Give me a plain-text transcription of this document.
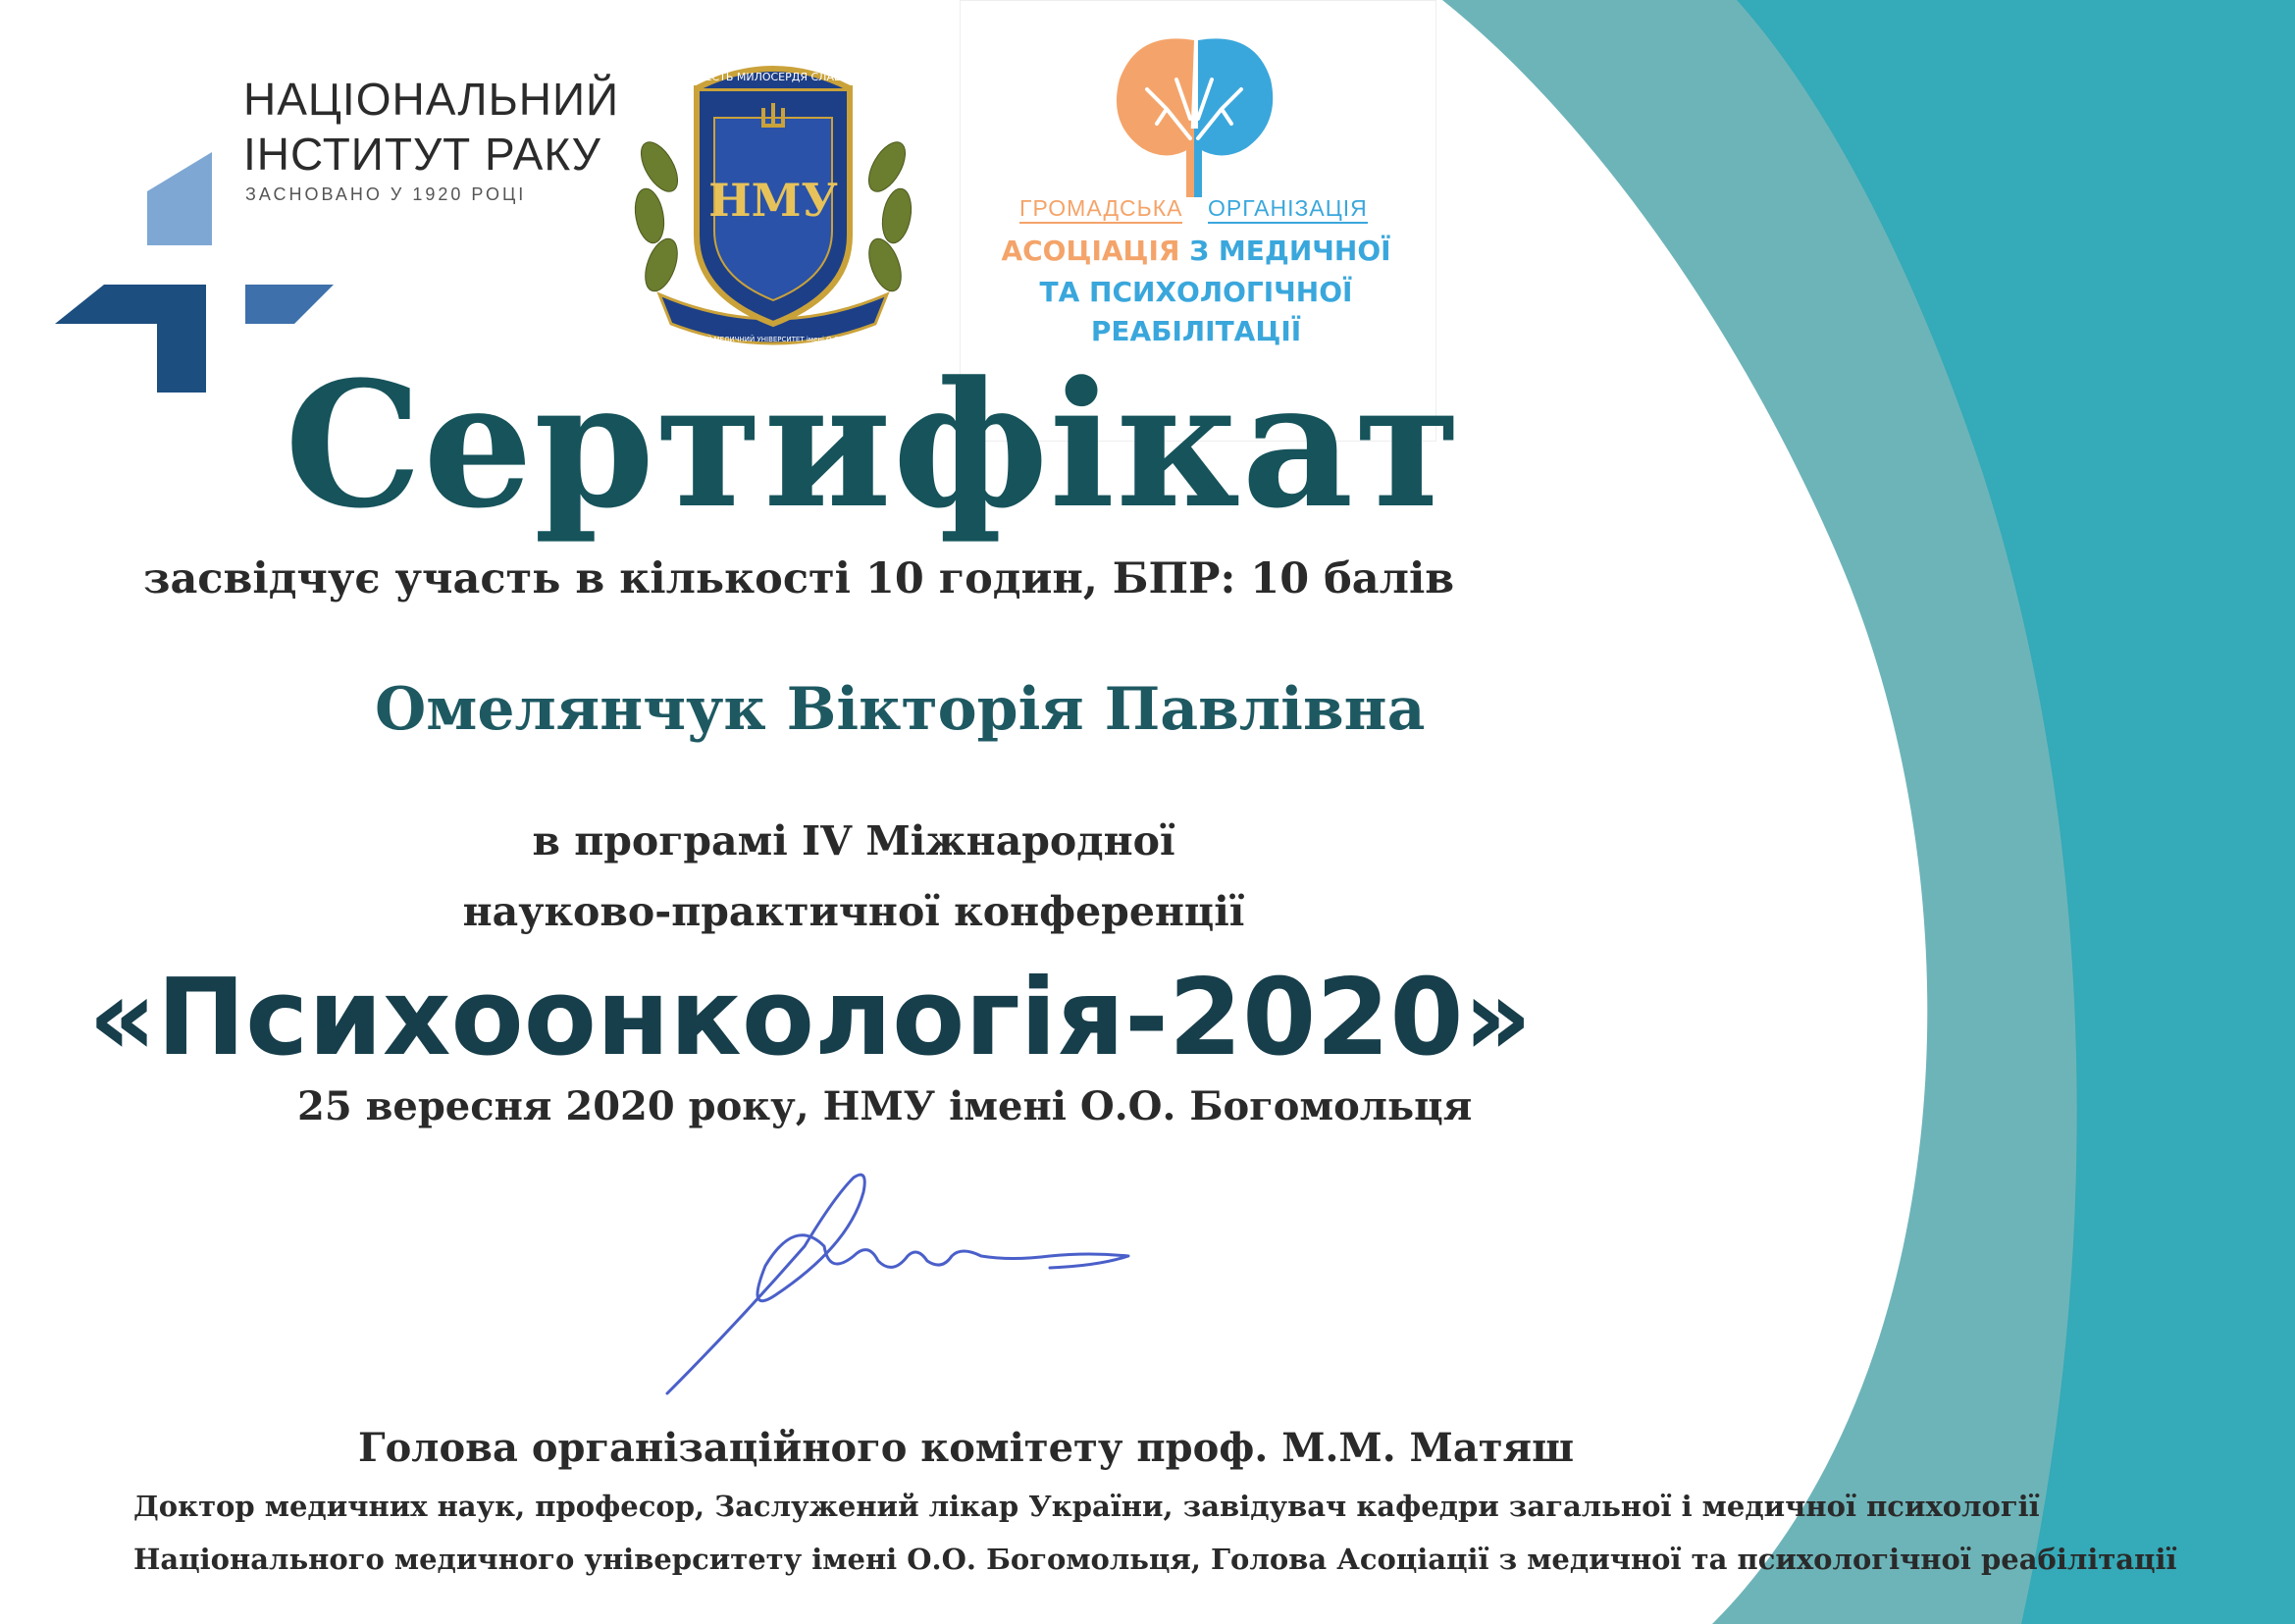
НАЦІОНАЛЬНИЙ
ІНСТИТУТ РАКУ
ЗАСНОВАНО У 1920 РОЦІ
ЧЕСТЬ МИЛОСЕРДЯ СЛАВА
НМУ
НАЦІОНАЛЬНИЙ МЕДИЧНИЙ УНІВЕРСИТЕТ імені О.О.БОГОМОЛЬЦЯ
ГРОМАДСЬКА ОРГАНІЗАЦІЯ
АСОЦІАЦІЯ З МЕДИЧНОЇ
ТА ПСИХОЛОГІЧНОЇ
РЕАБІЛІТАЦІЇ
Сертифікат
засвідчує участь в кількості 10 годин, БПР: 10 балів
Омелянчук Вікторія Павлівна
в програмі IV Міжнародної
науково-практичної конференції
«Психоонкологія-2020»
25 вересня 2020 року, НМУ імені О.О. Богомольця
Голова організаційного комітету проф. М.М. Матяш
Доктор медичних наук, професор, Заслужений лікар України, завідувач кафедри загальної і медичної психології
Національного медичного університету імені О.О. Богомольця, Голова Асоціації з медичної та психологічної реабілітації
